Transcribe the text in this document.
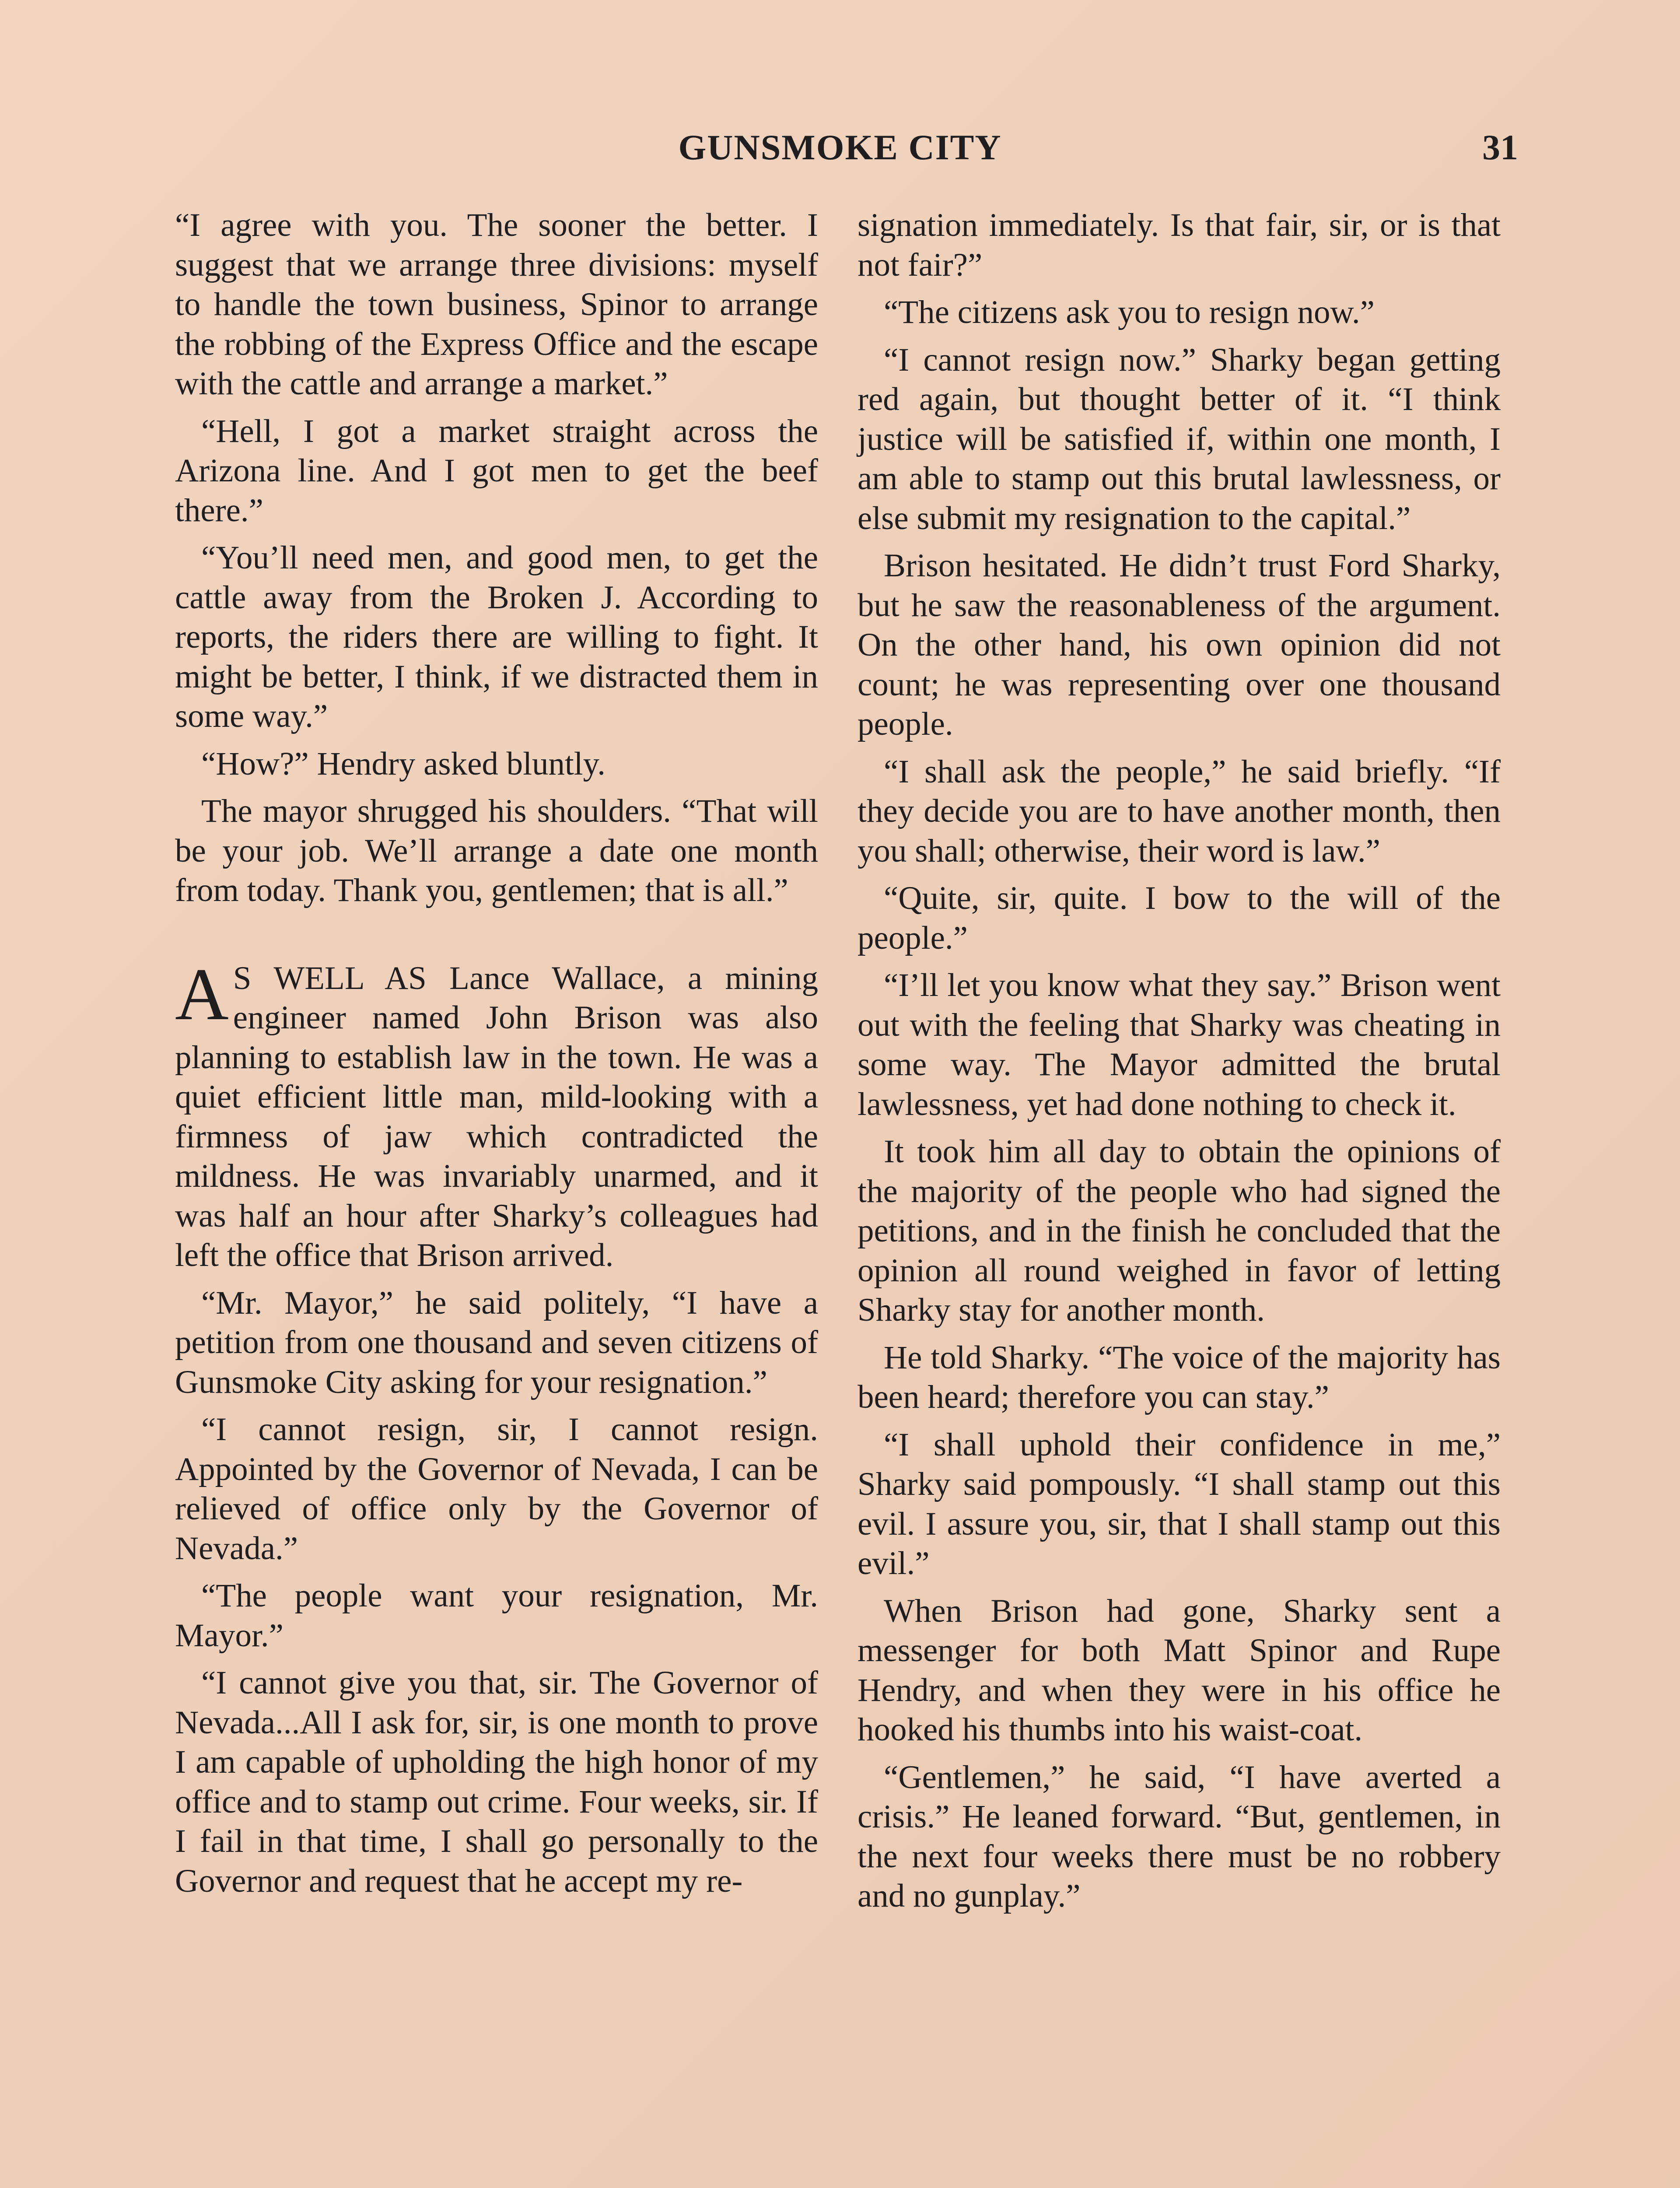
GUNSMOKE CITY	31

“I agree with you. The sooner the better. I suggest that we arrange three divisions: myself to handle the town business, Spinor to arrange the robbing of the Express Office and the escape with the cattle and arrange a market.”

“Hell, I got a market straight across the Arizona line. And I got men to get the beef there.”

“You’ll need men, and good men, to get the cattle away from the Broken J. According to reports, the riders there are willing to fight. It might be better, I think, if we distracted them in some way.”

“How?” Hendry asked bluntly.

The mayor shrugged his shoulders. “That will be your job. We’ll arrange a date one month from today. Thank you, gentlemen; that is all.”

A S WELL AS Lance Wallace, a mining engineer named John Brison was also planning to establish law in the town. He was a quiet efficient little man, mild-looking with a firmness of jaw which contradicted the mildness. He was invariably unarmed, and it was half an hour after Sharky’s colleagues had left the office that Brison arrived.

“Mr. Mayor,” he said politely, “I have a petition from one thousand and seven citizens of Gunsmoke City asking for your resignation.”

“I cannot resign, sir, I cannot resign. Appointed by the Governor of Nevada, I can be relieved of office only by the Governor of Nevada.”

“The people want your resignation, Mr. Mayor.”

“I cannot give you that, sir. The Governor of Nevada...All I ask for, sir, is one month to prove I am capable of upholding the high honor of my office and to stamp out crime. Four weeks, sir. If I fail in that time, I shall go personally to the Governor and request that he accept my re-

signation immediately. Is that fair, sir, or is that not fair?”

“The citizens ask you to resign now.”

“I cannot resign now.” Sharky began getting red again, but thought better of it. “I think justice will be satisfied if, within one month, I am able to stamp out this brutal lawlessness, or else submit my resignation to the capital.”

Brison hesitated. He didn’t trust Ford Sharky, but he saw the reasonableness of the argument. On the other hand, his own opinion did not count; he was representing over one thousand people.

“I shall ask the people,” he said briefly. “If they decide you are to have another month, then you shall; otherwise, their word is law.”

“Quite, sir, quite. I bow to the will of the people.”

“I’ll let you know what they say.” Brison went out with the feeling that Sharky was cheating in some way. The Mayor admitted the brutal lawlessness, yet had done nothing to check it.

It took him all day to obtain the opinions of the majority of the people who had signed the petitions, and in the finish he concluded that the opinion all round weighed in favor of letting Sharky stay for another month.

He told Sharky. “The voice of the majority has been heard; therefore you can stay.”

“I shall uphold their confidence in me,” Sharky said pompously. “I shall stamp out this evil. I assure you, sir, that I shall stamp out this evil.”

When Brison had gone, Sharky sent a messenger for both Matt Spinor and Rupe Hendry, and when they were in his office he hooked his thumbs into his waist-coat.

“Gentlemen,” he said, “I have averted a crisis.” He leaned forward. “But, gentlemen, in the next four weeks there must be no robbery and no gunplay.”
